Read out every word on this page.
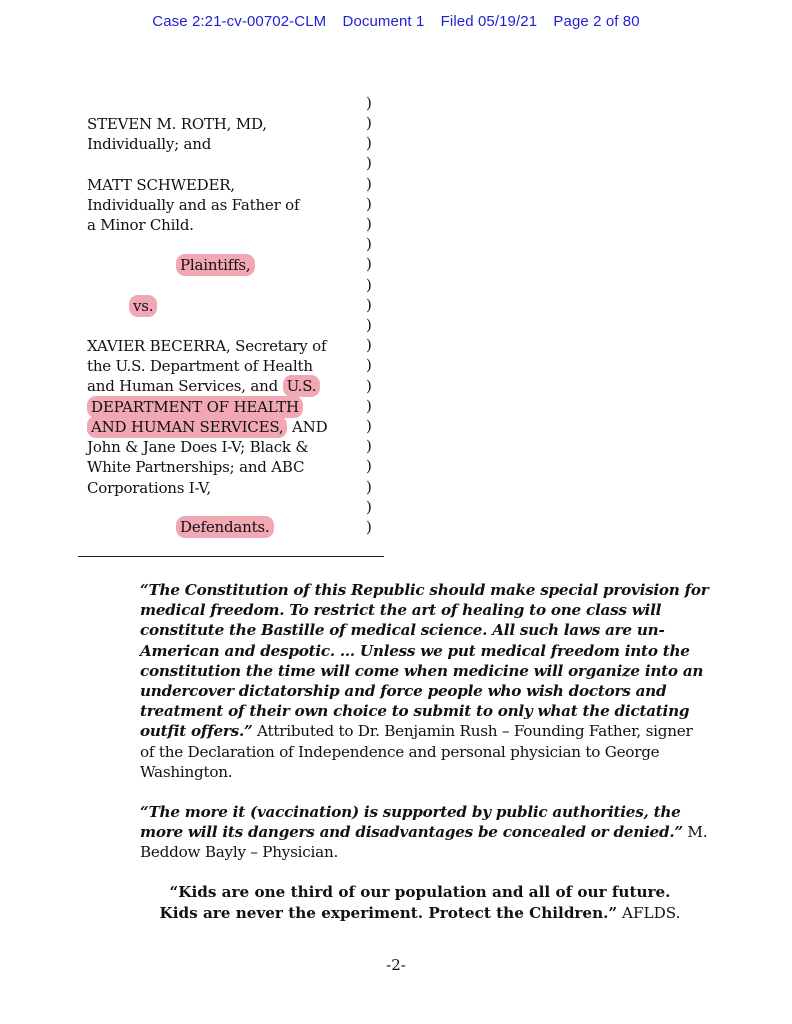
Case 2:21-cv-00702-CLM Document 1 Filed 05/19/21 Page 2 of 80
STEVEN M. ROTH, MD,
Individually; and
MATT SCHWEDER,
Individually and as Father of
a Minor Child.
Plaintiffs,
vs.
XAVIER BECERRA, Secretary of
the U.S. Department of Health
and Human Services, and U.S.
DEPARTMENT OF HEALTH
AND HUMAN SERVICES, AND
John & Jane Does I-V; Black &
White Partnerships; and ABC
Corporations I-V,
Defendants.
)
)
)
)
)
)
)
)
)
)
)
)
)
)
)
)
)
)
)
)
)
)
“The Constitution of this Republic should make special provision for medical freedom. To restrict the art of healing to one class will constitute the Bastille of medical science. All such laws are un-American and despotic. … Unless we put medical freedom into the constitution the time will come when medicine will organize into an undercover dictatorship and force people who wish doctors and treatment of their own choice to submit to only what the dictating outfit offers.” Attributed to Dr. Benjamin Rush – Founding Father, signer of the Declaration of Independence and personal physician to George Washington.
“The more it (vaccination) is supported by public authorities, the more will its dangers and disadvantages be concealed or denied.” M. Beddow Bayly – Physician.
“Kids are one third of our population and all of our future.
Kids are never the experiment. Protect the Children.” AFLDS.
-2-
